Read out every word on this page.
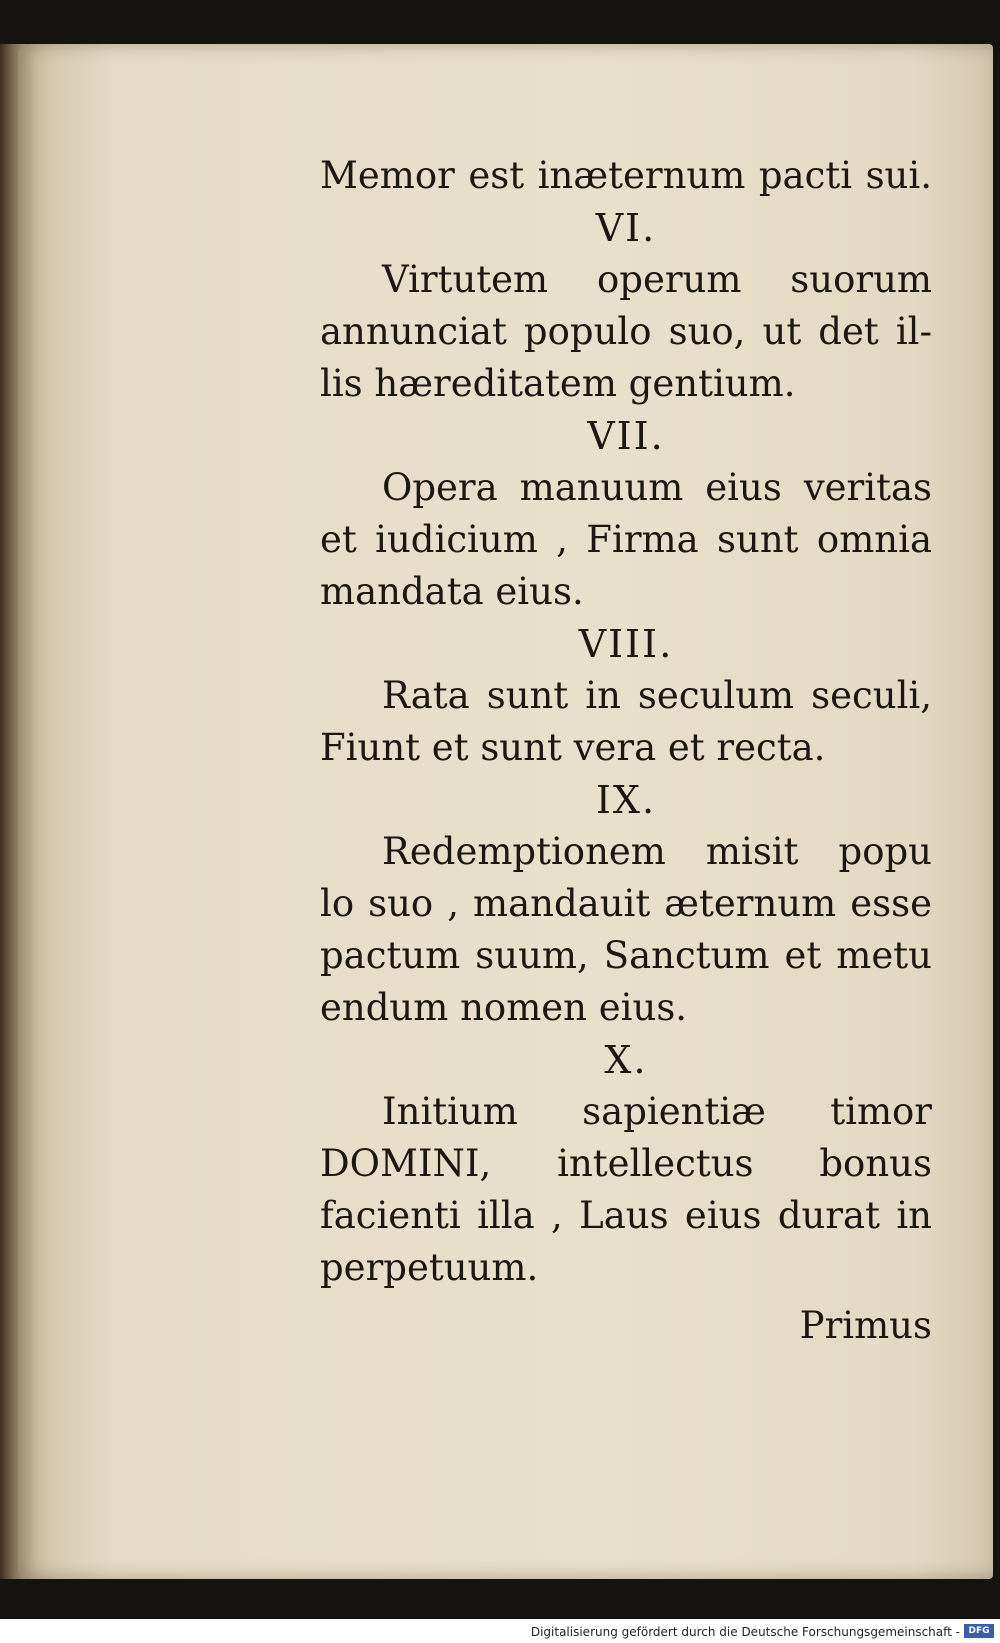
Memor est inæternum pacti sui.
VI.
Virtutem operum suorum
annunciat populo suo, ut det il-
lis hæreditatem gentium.
VII.
Opera manuum eius veritas
et iudicium , Firma sunt omnia
mandata eius.
VIII.
Rata sunt in seculum seculi,
Fiunt et sunt vera et recta.
IX.
Redemptionem misit popu
lo suo , mandauit æternum esse
pactum suum, Sanctum et metu
endum nomen eius.
X.
Initium sapientiæ timor
DOMINI, intellectus bonus
facienti illa , Laus eius durat in
perpetuum.
Primus
Digitalisierung gefördert durch die Deutsche Forschungsgemeinschaft - DFG
